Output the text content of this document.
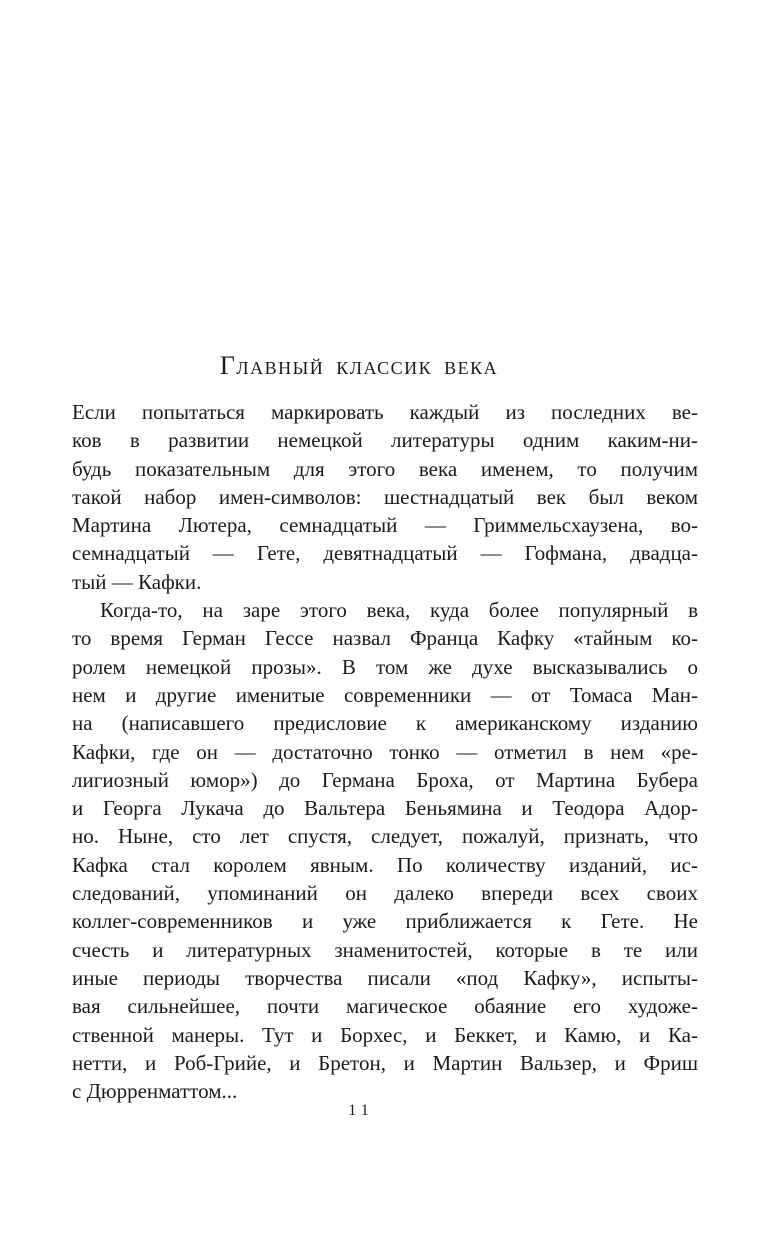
Главный классик века
Если попытаться маркировать каждый из последних ве-
ков в развитии немецкой литературы одним каким-ни-
будь показательным для этого века именем, то получим
такой набор имен-символов: шестнадцатый век был веком
Мартина Лютера, семнадцатый — Гриммельсхаузена, во-
семнадцатый — Гете, девятнадцатый — Гофмана, двадца-
тый — Кафки.
Когда-то, на заре этого века, куда более популярный в
то время Герман Гессе назвал Франца Кафку «тайным ко-
ролем немецкой прозы». В том же духе высказывались о
нем и другие именитые современники — от Томаса Ман-
на (написавшего предисловие к американскому изданию
Кафки, где он — достаточно тонко — отметил в нем «ре-
лигиозный юмор») до Германа Броха, от Мартина Бубера
и Георга Лукача до Вальтера Беньямина и Теодора Адор-
но. Ныне, сто лет спустя, следует, пожалуй, признать, что
Кафка стал королем явным. По количеству изданий, ис-
следований, упоминаний он далеко впереди всех своих
коллег-современников и уже приближается к Гете. Не
счесть и литературных знаменитостей, которые в те или
иные периоды творчества писали «под Кафку», испыты-
вая сильнейшее, почти магическое обаяние его художе-
ственной манеры. Тут и Борхес, и Беккет, и Камю, и Ка-
нетти, и Роб-Грийе, и Бретон, и Мартин Вальзер, и Фриш
с Дюрренматтом...
11
